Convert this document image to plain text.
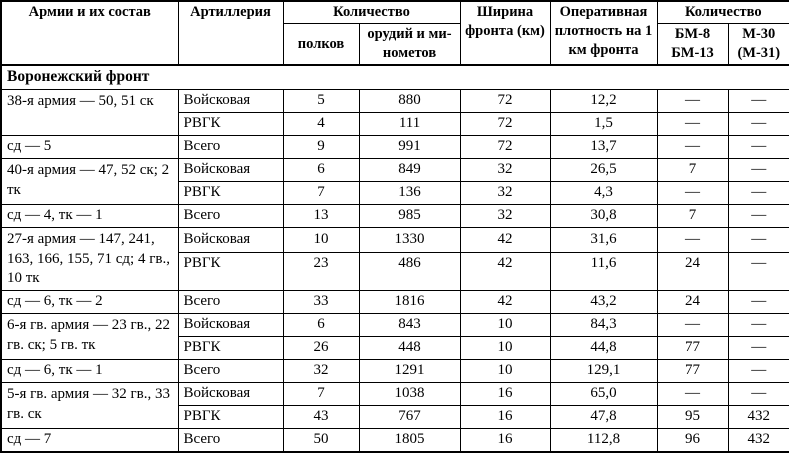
Армии и их состав	Артиллерия	Количество		Ширина фронта (км)	Оперативная плотность на 1 км фронта	Количество	
		полков	орудий и ми- нометов			БМ-8 БМ-13	М-30 (М-31)
Воронежский фронт							
38-я армия — 50, 51 ск	Войсковая	5	880	72	12,2	—	—
	РВГК	4	111	72	1,5	—	—
сд — 5	Всего	9	991	72	13,7	—	—
40-я армия — 47, 52 ск; 2 тк	Войсковая	6	849	32	26,5	7	—
	РВГК	7	136	32	4,3	—	—
сд — 4, тк — 1	Всего	13	985	32	30,8	7	—
27-я армия — 147, 241, 163, 166, 155, 71 сд; 4 гв., 10 тк	Войсковая	10	1330	42	31,6	—	—
	РВГК	23	486	42	11,6	24	—
сд — 6, тк — 2	Всего	33	1816	42	43,2	24	—
6-я гв. армия — 23 гв., 22 гв. ск; 5 гв. тк	Войсковая	6	843	10	84,3	—	—
	РВГК	26	448	10	44,8	77	—
сд — 6, тк — 1	Всего	32	1291	10	129,1	77	—
5-я гв. армия — 32 гв., 33 гв. ск	Войсковая	7	1038	16	65,0	—	—
	РВГК	43	767	16	47,8	95	432
сд — 7	Всего	50	1805	16	112,8	96	432
